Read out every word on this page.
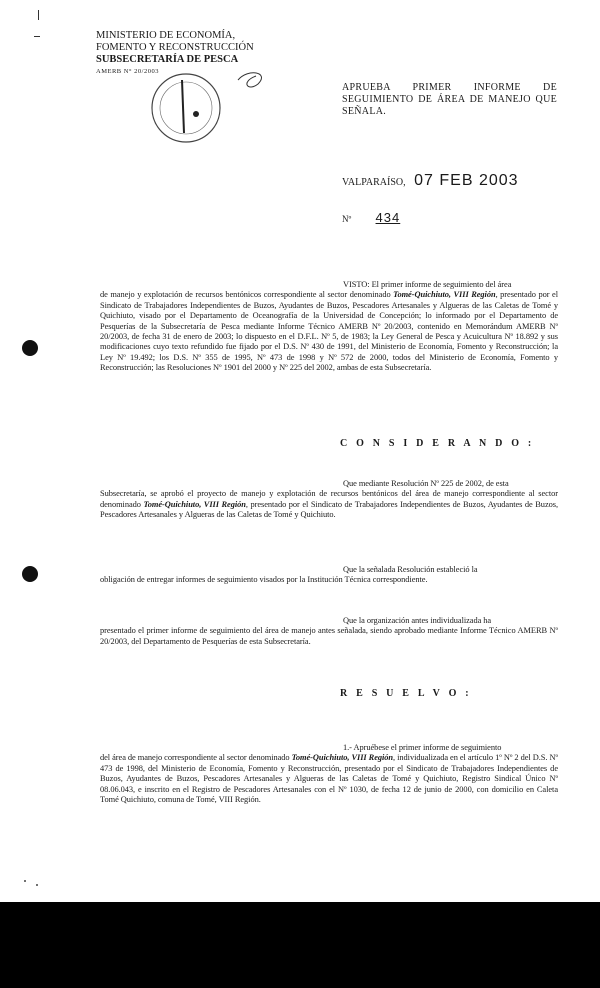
MINISTERIO DE ECONOMÍA,
FOMENTO Y RECONSTRUCCIÓN
SUBSECRETARÍA DE PESCA
AMERB N° 20/2003
APRUEBA PRIMER INFORME DE SEGUIMIENTO DE ÁREA DE MANEJO QUE SEÑALA.
VALPARAÍSO, 07 FEB 2003
Nº 434
VISTO: El primer informe de seguimiento del área
de manejo y explotación de recursos bentónicos correspondiente al sector denominado Tomé-Quichiuto, VIII Región, presentado por el Sindicato de Trabajadores Independientes de Buzos, Ayudantes de Buzos, Pescadores Artesanales y Algueras de las Caletas de Tomé y Quichiuto, visado por el Departamento de Oceanografía de la Universidad de Concepción; lo informado por el Departamento de Pesquerías de la Subsecretaría de Pesca mediante Informe Técnico AMERB Nº 20/2003, contenido en Memorándum AMERB Nº 20/2003, de fecha 31 de enero de 2003; lo dispuesto en el D.F.L. Nº 5, de 1983; la Ley General de Pesca y Acuicultura Nº 18.892 y sus modificaciones cuyo texto refundido fue fijado por el D.S. Nº 430 de 1991, del Ministerio de Economía, Fomento y Reconstrucción; la Ley Nº 19.492; los D.S. Nº 355 de 1995, Nº 473 de 1998 y Nº 572 de 2000, todos del Ministerio de Economía, Fomento y Reconstrucción; las Resoluciones Nº 1901 del 2000 y Nº 225 del 2002, ambas de esta Subsecretaría.
C O N S I D E R A N D O :
Que mediante Resolución Nº 225 de 2002, de esta
Subsecretaría, se aprobó el proyecto de manejo y explotación de recursos bentónicos del área de manejo correspondiente al sector denominado Tomé-Quichiuto, VIII Región, presentado por el Sindicato de Trabajadores Independientes de Buzos, Ayudantes de Buzos, Pescadores Artesanales y Algueras de las Caletas de Tomé y Quichiuto.
Que la señalada Resolución estableció la
obligación de entregar informes de seguimiento visados por la Institución Técnica correspondiente.
Que la organización antes individualizada ha
presentado el primer informe de seguimiento del área de manejo antes señalada, siendo aprobado mediante Informe Técnico AMERB Nº 20/2003, del Departamento de Pesquerías de esta Subsecretaría.
R E S U E L V O :
1.- Apruébese el primer informe de seguimiento
del área de manejo correspondiente al sector denominado Tomé-Quichiuto, VIII Región, individualizada en el artículo 1º Nº 2 del D.S. Nº 473 de 1998, del Ministerio de Economía, Fomento y Reconstrucción, presentado por el Sindicato de Trabajadores Independientes de Buzos, Ayudantes de Buzos, Pescadores Artesanales y Algueras de las Caletas de Tomé y Quichiuto, Registro Sindical Único Nº 08.06.043, e inscrito en el Registro de Pescadores Artesanales con el Nº 1030, de fecha 12 de junio de 2000, con domicilio en Caleta Tomé Quichiuto, comuna de Tomé, VIII Región.
